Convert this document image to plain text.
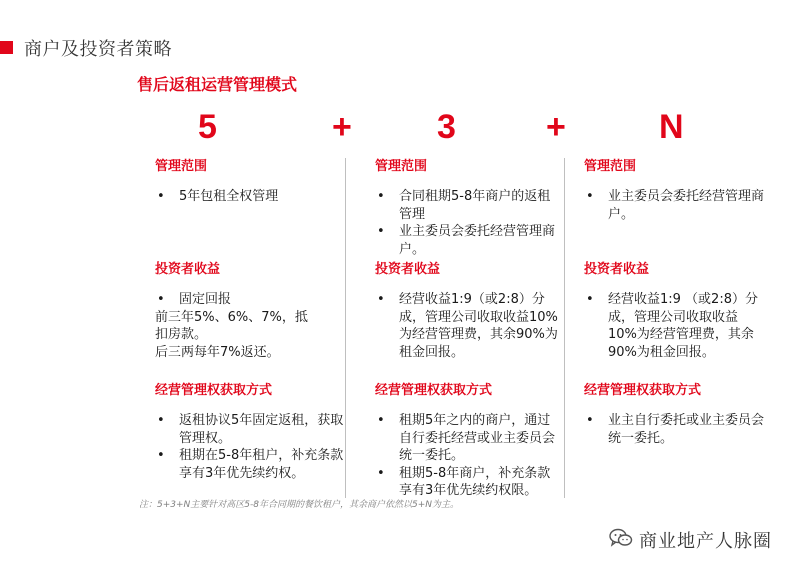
商户及投资者策略
售后返租运营管理模式
5	+	3	+	N
管理范围
• 5年包租全权管理
投资者收益
• 固定回报

前三年5%、6%、7%，抵

扣房款。

后三两每年7%返还。

经营管理权获取方式
• 返租协议5年固定返租，获取管理权。
• 租期在5-8年租户，补充条款享有3年优先续约权。
管理范围
• 合同租期5-8年商户的返租管理
• 业主委员会委托经营管理商户。
投资者收益
• 经营收益1:9（或2:8）分成，管理公司收取收益10%为经营管理费，其余90%为租金回报。
经营管理权获取方式
• 租期5年之内的商户，通过自行委托经营或业主委员会统一委托。
• 租期5-8年商户，补充条款享有3年优先续约权限。
管理范围
• 业主委员会委托经营管理商户。
投资者收益
• 经营收益1:9 （或2:8）分成，管理公司收取收益10%为经营管理费，其余90%为租金回报。
经营管理权获取方式
• 业主自行委托或业主委员会统一委托。
注：5+3+N主要针对高区5-8年合同期的餐饮租户，其余商户依然以5+N为主。
商业地产人脉圈
